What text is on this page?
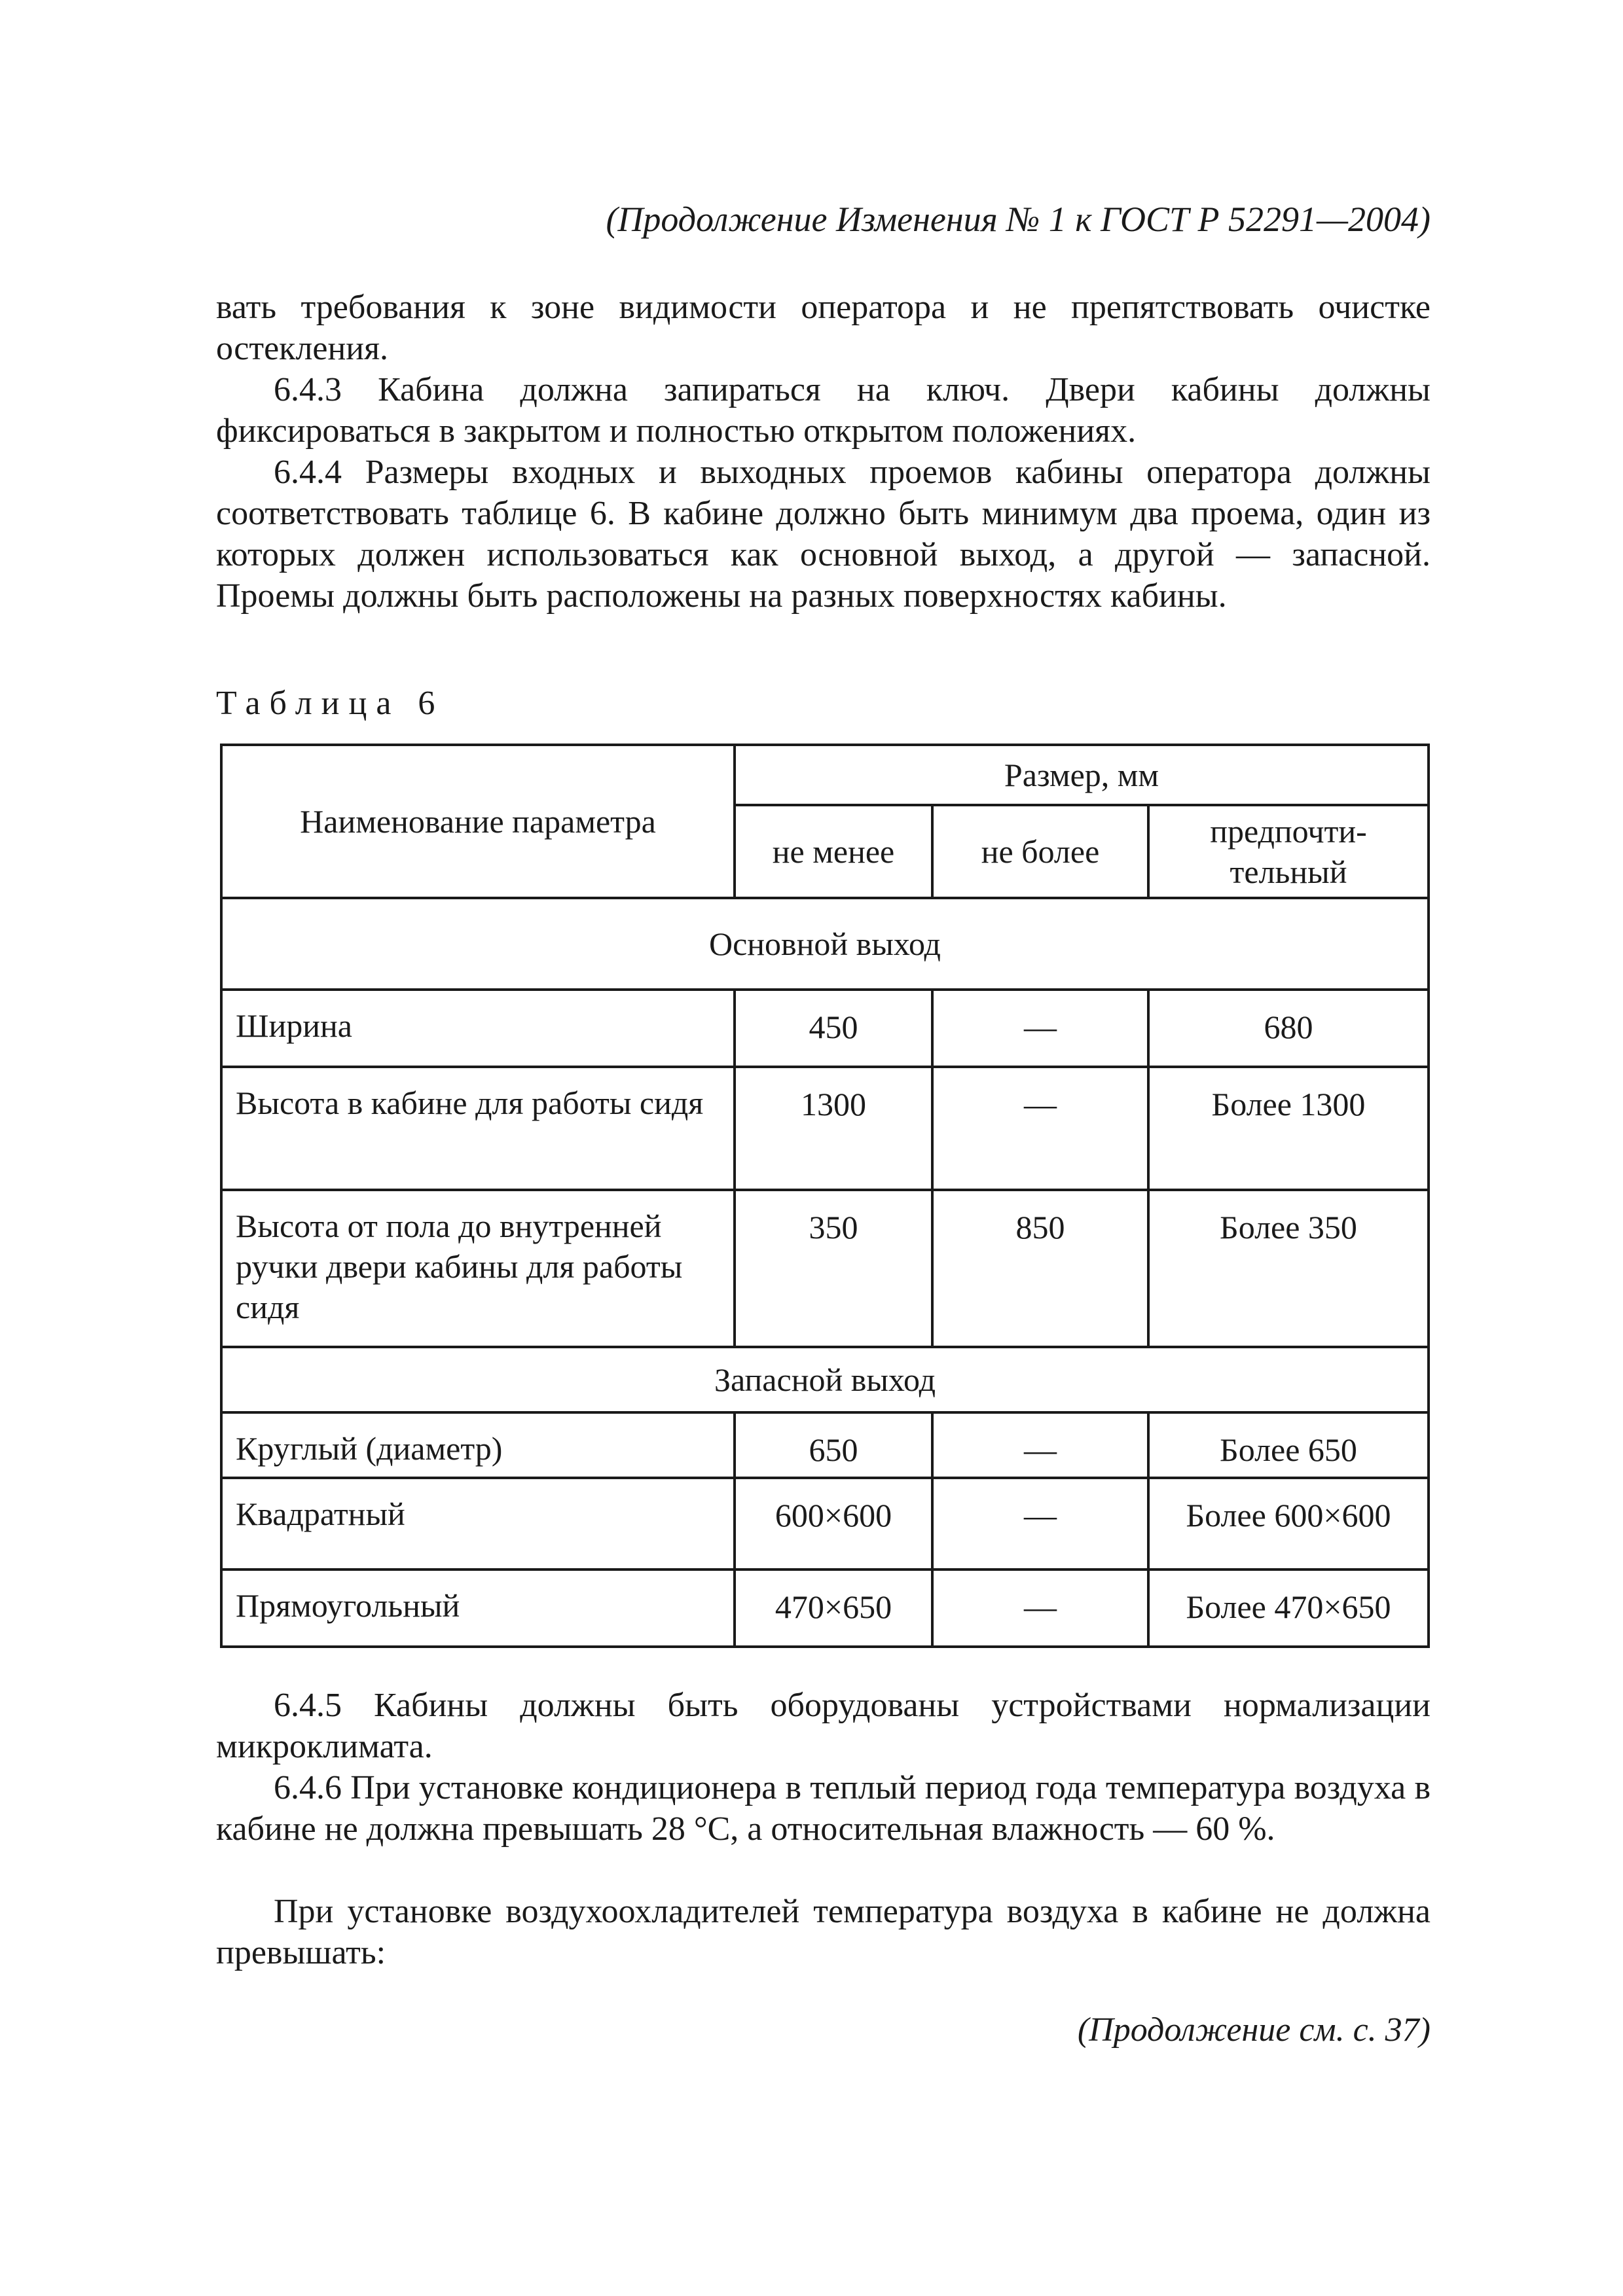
(Продолжение Изменения № 1 к ГОСТ Р 52291—2004)

вать требования к зоне видимости оператора и не препятствовать очистке остекления.

6.4.3 Кабина должна запираться на ключ. Двери кабины должны фиксироваться в закрытом и полностью открытом положениях.

6.4.4 Размеры входных и выходных проемов кабины оператора должны соответствовать таблице 6. В кабине должно быть минимум два проема, один из которых должен использоваться как основной выход, а другой — запасной. Проемы должны быть расположены на разных поверхностях кабины.

Таблица 6
Наименование параметра	Размер, мм		
	не менее	не более	предпочти-тельный
Основной выход			
Ширина	450	—	680
Высота в кабине для работы сидя	1300	—	Более 1300
Высота от пола до внутренней ручки двери кабины для работы сидя	350	850	Более 350
Запасной выход			
Круглый (диаметр)	650	—	Более 650
Квадратный	600×600	—	Более 600×600
Прямоугольный	470×650	—	Более 470×650

6.4.5 Кабины должны быть оборудованы устройствами нормализации микроклимата.

6.4.6 При установке кондиционера в теплый период года температура воздуха в кабине не должна превышать 28 °С, а относительная влажность — 60 %.

При установке воздухоохладителей температура воздуха в кабине не должна превышать:

(Продолжение см. с. 37)
